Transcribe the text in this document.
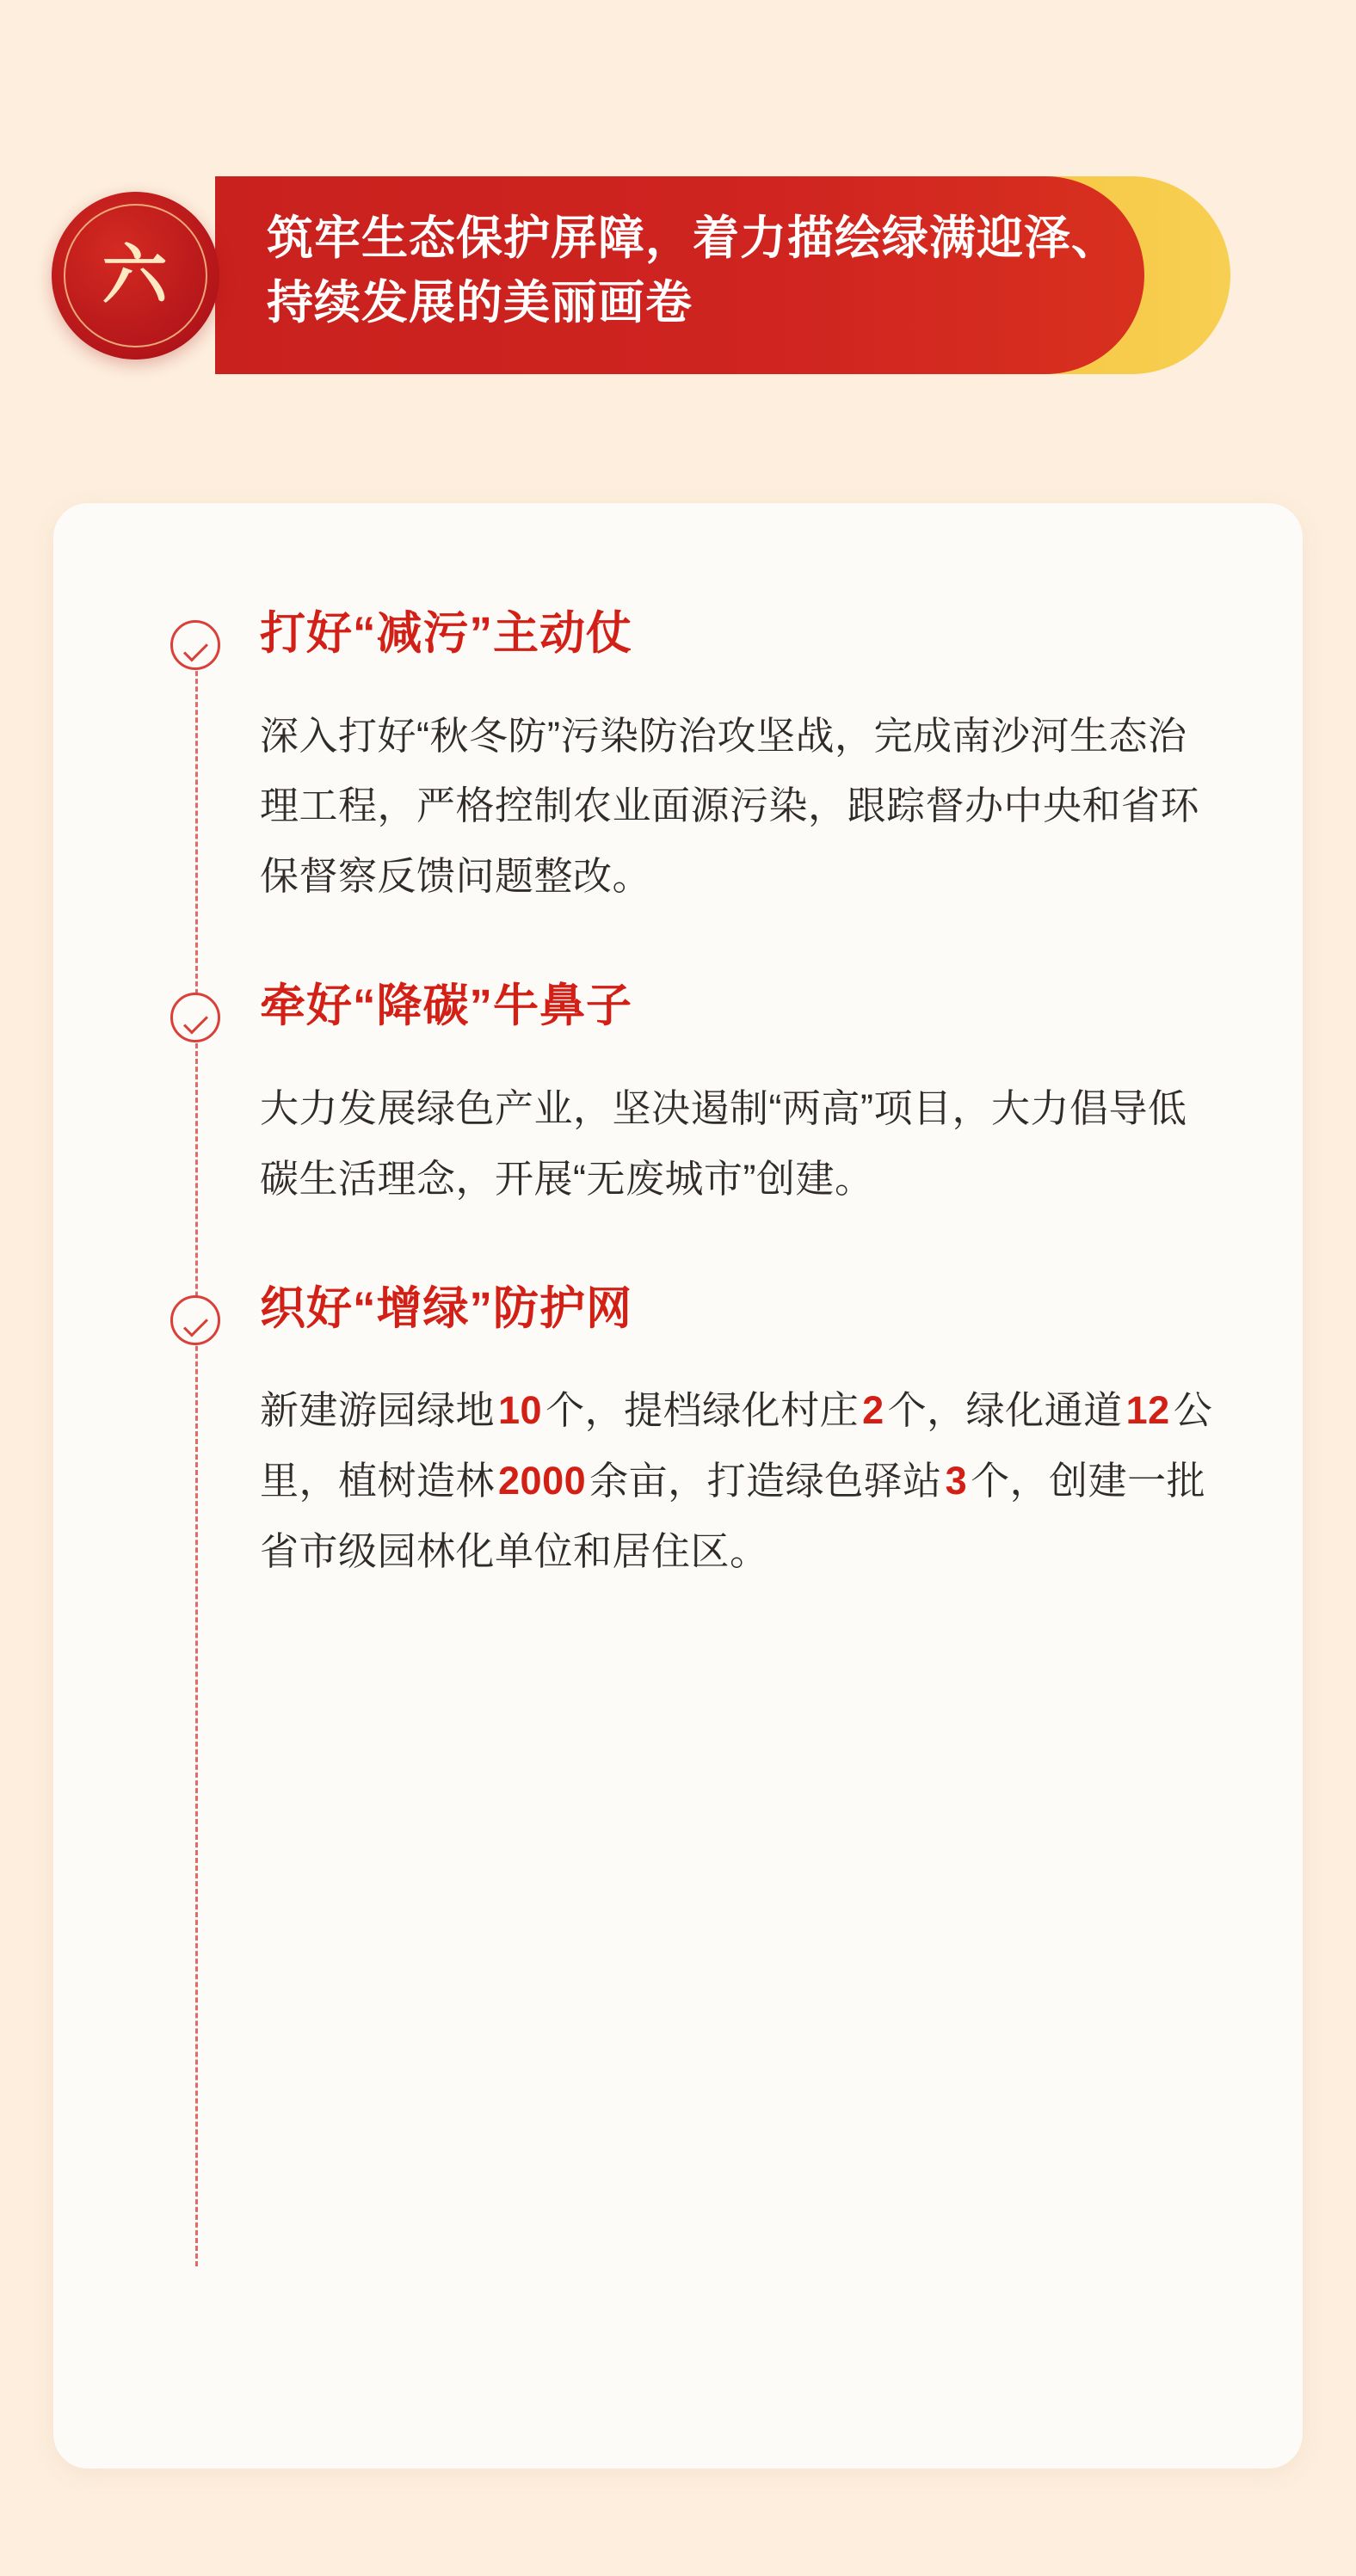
六
筑牢生态保护屏障，着力描绘绿满迎泽、持续发展的美丽画卷
打好“减污”主动仗

深入打好“秋冬防”污染防治攻坚战，完成南沙河生态治理工程，严格控制农业面源污染，跟踪督办中央和省环保督察反馈问题整改。

牵好“降碳”牛鼻子

大力发展绿色产业，坚决遏制“两高”项目，大力倡导低碳生活理念，开展“无废城市”创建。

织好“增绿”防护网

新建游园绿地10个，提档绿化村庄2个，绿化通道12公里，植树造林2000余亩，打造绿色驿站3个，创建一批省市级园林化单位和居住区。
